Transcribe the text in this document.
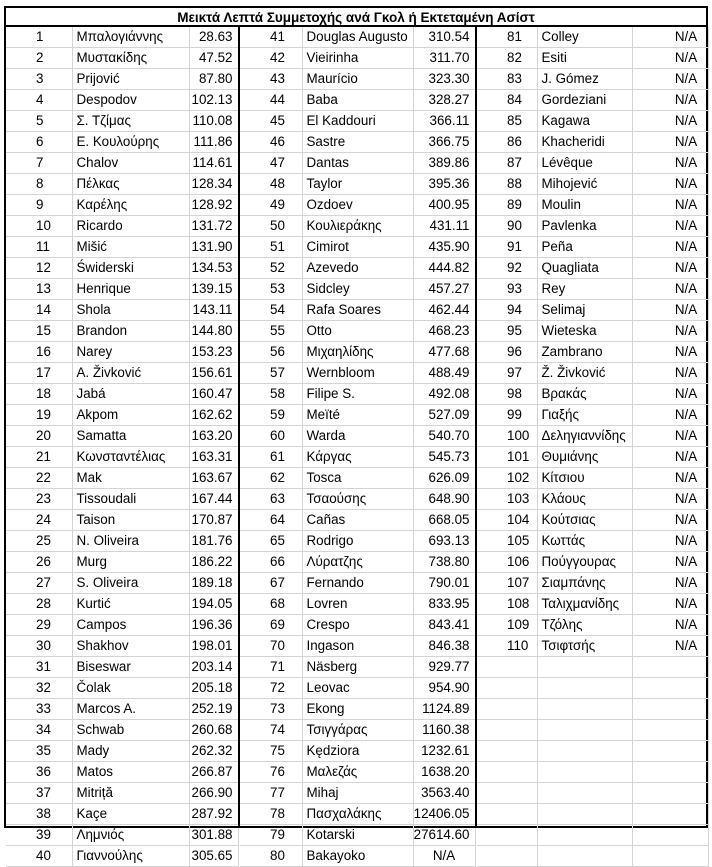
Μεικτά Λεπτά Συμμετοχής ανά Γκολ ή Εκτεταμένη Ασίστ
1	Μπαλογιάννης	28.63
2	Μυστακίδης	47.52
3	Prijović	87.80
4	Despodov	102.13
5	Σ. Τζίμας	110.08
6	Ε. Κουλούρης	111.86
7	Chalov	114.61
8	Πέλκας	128.34
9	Καρέλης	128.92
10	Ricardo	131.72
11	Mišić	131.90
12	Świderski	134.53
13	Henrique	139.15
14	Shola	143.11
15	Brandon	144.80
16	Narey	153.23
17	A. Živković	156.61
18	Jabá	160.47
19	Akpom	162.62
20	Samatta	163.20
21	Κωνσταντέλιας	163.31
22	Mak	163.67
23	Tissoudali	167.44
24	Taison	170.87
25	N. Oliveira	181.76
26	Murg	186.22
27	S. Oliveira	189.18
28	Kurtić	194.05
29	Campos	196.36
30	Shakhov	198.01
31	Biseswar	203.14
32	Čolak	205.18
33	Marcos A.	252.19
34	Schwab	260.68
35	Mady	262.32
36	Matos	266.87
37	Mitriță	266.90
38	Kaçe	287.92
39	Λημνιός	301.88
40	Γιαννούλης	305.65
41	Douglas Augusto	310.54
42	Vieirinha	311.70
43	Maurício	323.30
44	Baba	328.27
45	El Kaddouri	366.11
46	Sastre	366.75
47	Dantas	389.86
48	Taylor	395.36
49	Ozdoev	400.95
50	Κουλιεράκης	431.11
51	Cimirot	435.90
52	Azevedo	444.82
53	Sidcley	457.27
54	Rafa Soares	462.44
55	Otto	468.23
56	Μιχαηλίδης	477.68
57	Wernbloom	488.49
58	Filipe S.	492.08
59	Meïté	527.09
60	Warda	540.70
61	Κάργας	545.73
62	Tosca	626.09
63	Τσαούσης	648.90
64	Cañas	668.05
65	Rodrigo	693.13
66	Λύρατζης	738.80
67	Fernando	790.01
68	Lovren	833.95
69	Crespo	843.41
70	Ingason	846.38
71	Näsberg	929.77
72	Leovac	954.90
73	Ekong	1124.89
74	Τσιγγάρας	1160.38
75	Kędziora	1232.61
76	Μαλεζάς	1638.20
77	Mihaj	3563.40
78	Πασχαλάκης	12406.05
79	Kotarski	27614.60
80	Bakayoko	N/A
81	Colley	N/A
82	Esiti	N/A
83	J. Gómez	N/A
84	Gordeziani	N/A
85	Kagawa	N/A
86	Khacheridi	N/A
87	Lévêque	N/A
88	Mihojević	N/A
89	Moulin	N/A
90	Pavlenka	N/A
91	Peña	N/A
92	Quagliata	N/A
93	Rey	N/A
94	Selimaj	N/A
95	Wieteska	N/A
96	Zambrano	N/A
97	Ž. Živković	N/A
98	Βρακάς	N/A
99	Γιαξής	N/A
100	Δεληγιαννίδης	N/A
101	Θυμιάνης	N/A
102	Κίτσιου	N/A
103	Κλάους	N/A
104	Κούτσιας	N/A
105	Κωττάς	N/A
106	Πούγγουρας	N/A
107	Σιαμπάνης	N/A
108	Ταλιχμανίδης	N/A
109	Τζόλης	N/A
110	Τσιφτσής	N/A
